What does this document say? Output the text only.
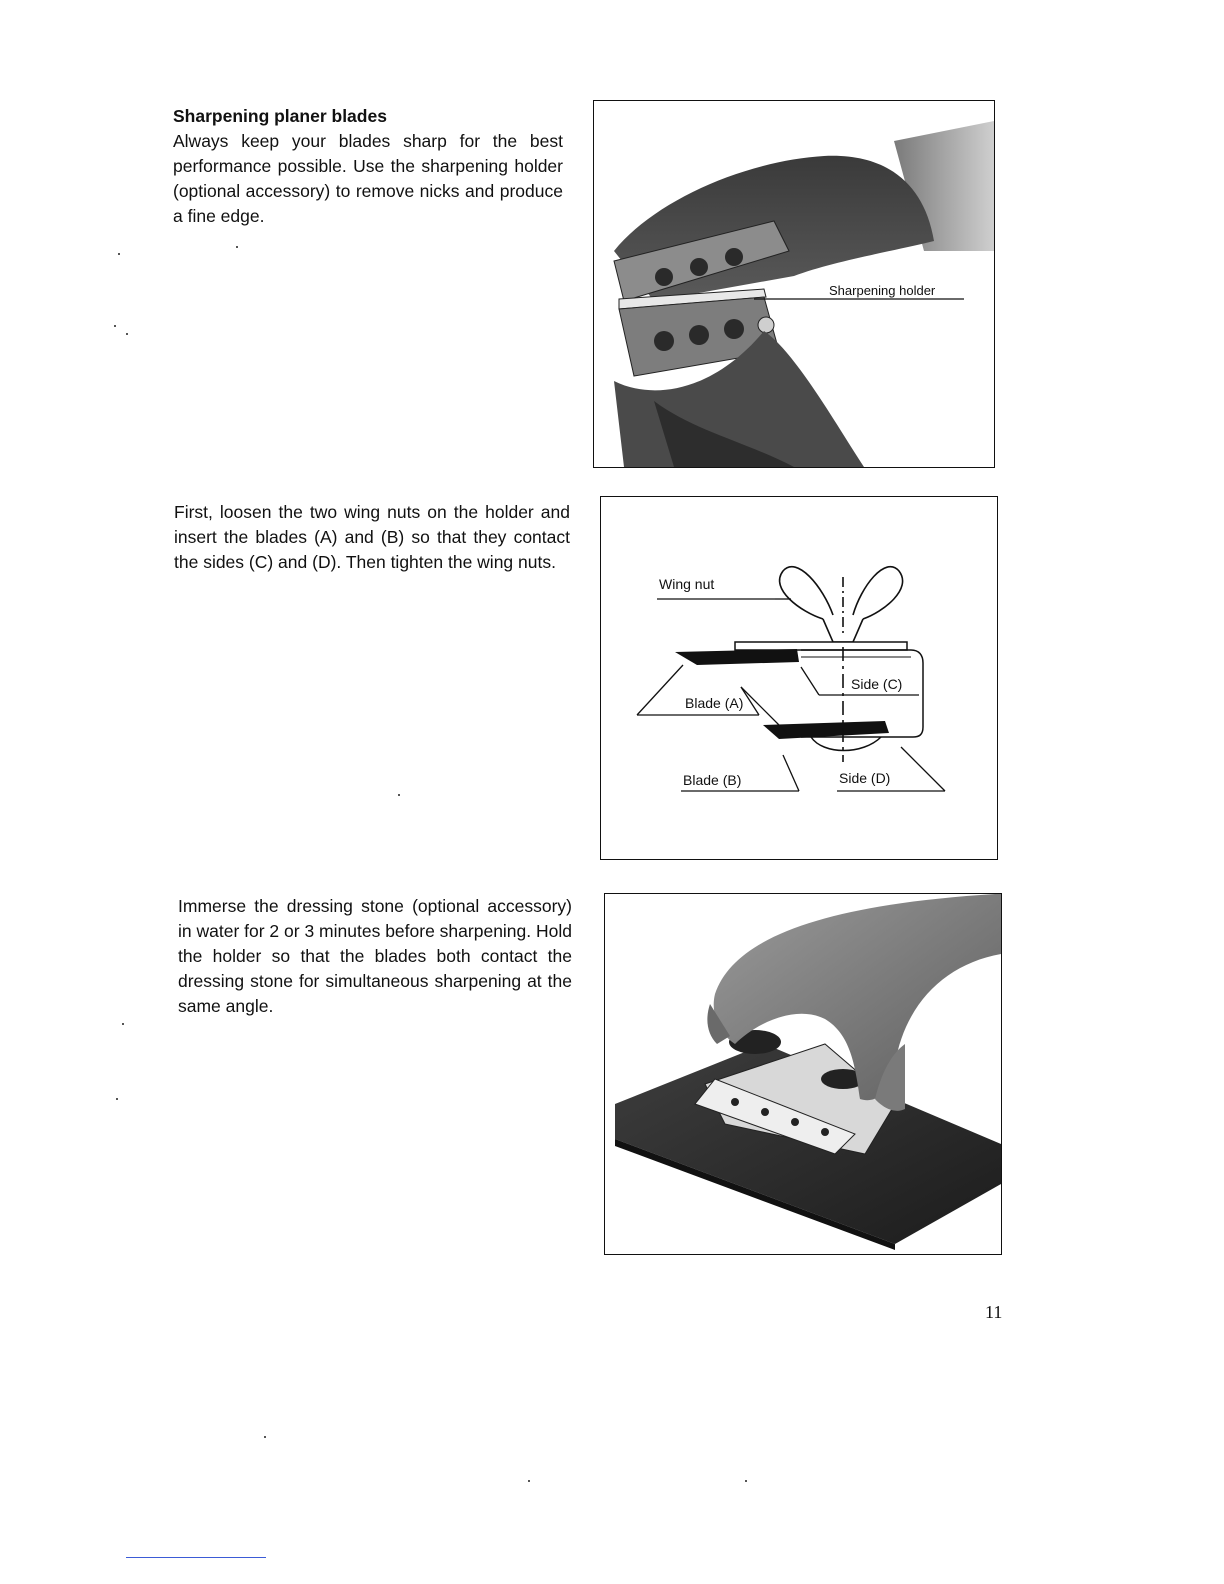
Sharpening planer blades

Always keep your blades sharp for the best performance possible. Use the sharpening holder (optional accessory) to remove nicks and produce a fine edge.

Sharpening holder

First, loosen the two wing nuts on the holder and insert the blades (A) and (B) so that they contact the sides (C) and (D). Then tighten the wing nuts.

Wing nut
Blade (A)
Side (C)
Blade (B)	Side (D)

Immerse the dressing stone (optional accessory) in water for 2 or 3 minutes before sharpening. Hold the holder so that the blades both contact the dressing stone for simultaneous sharpening at the same angle.

11
